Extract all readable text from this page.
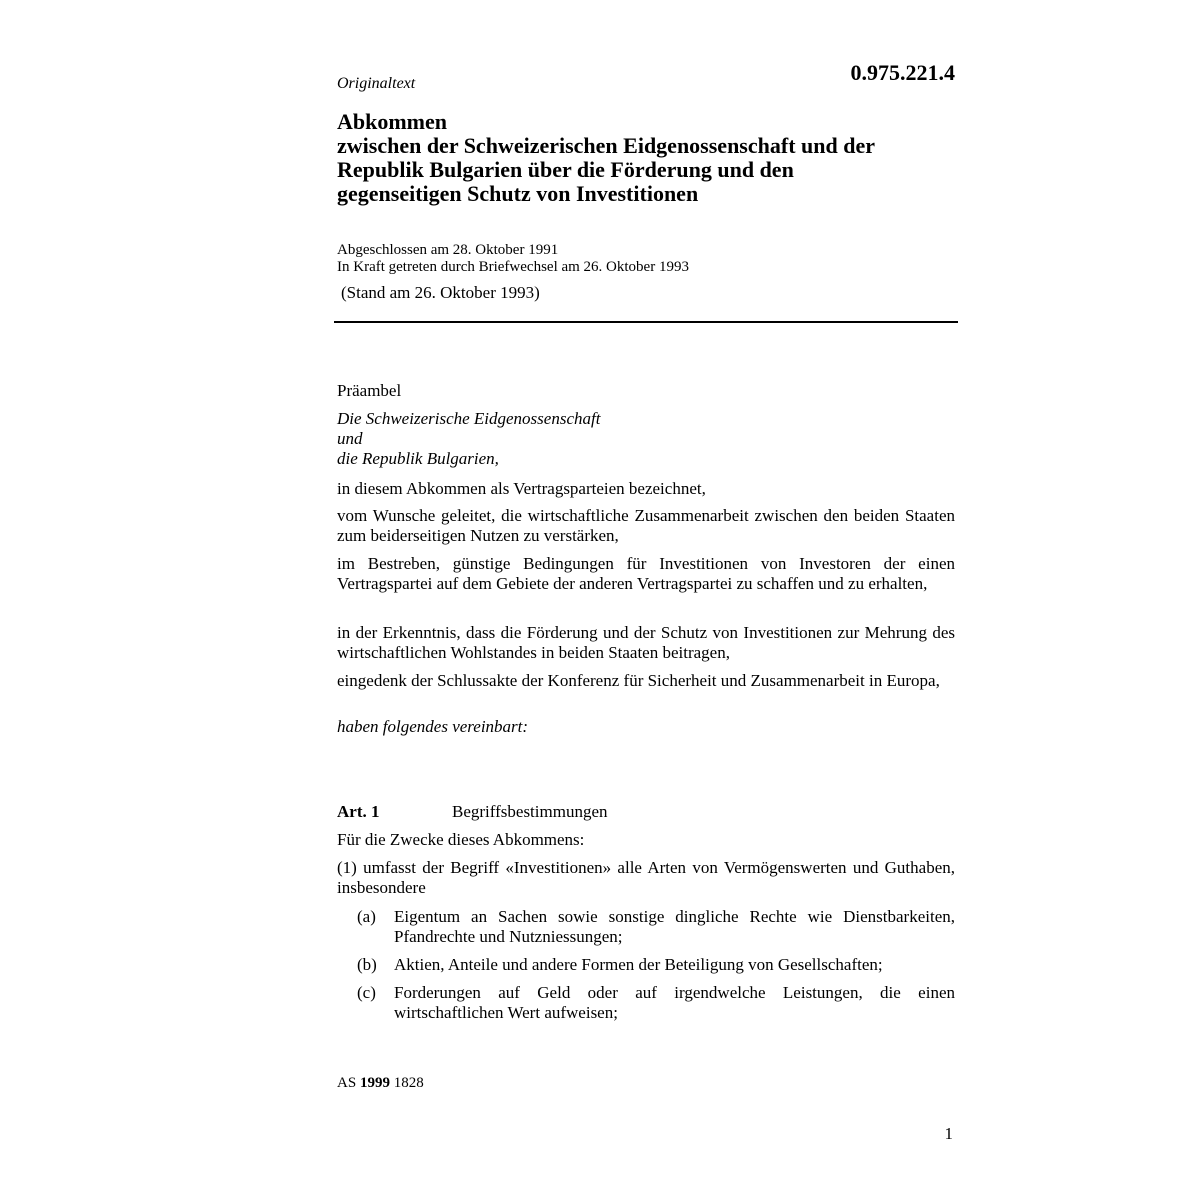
0.975.221.4
Originaltext
Abkommen
zwischen der Schweizerischen Eidgenossenschaft und der
Republik Bulgarien über die Förderung und den
gegenseitigen Schutz von Investitionen
Abgeschlossen am 28. Oktober 1991
In Kraft getreten durch Briefwechsel am 26. Oktober 1993
(Stand am 26. Oktober 1993)
Präambel
Die Schweizerische Eidgenossenschaft
und
die Republik Bulgarien,
in diesem Abkommen als Vertragsparteien bezeichnet,
vom Wunsche geleitet, die wirtschaftliche Zusammenarbeit zwischen den beiden Staaten zum beiderseitigen Nutzen zu verstärken,
im Bestreben, günstige Bedingungen für Investitionen von Investoren der einen Vertragspartei auf dem Gebiete der anderen Vertragspartei zu schaffen und zu erhalten,
in der Erkenntnis, dass die Förderung und der Schutz von Investitionen zur Mehrung des wirtschaftlichen Wohlstandes in beiden Staaten beitragen,
eingedenk der Schlussakte der Konferenz für Sicherheit und Zusammenarbeit in Europa,
haben folgendes vereinbart:
Art. 1	Begriffsbestimmungen
Für die Zwecke dieses Abkommens:
(1) umfasst der Begriff «Investitionen» alle Arten von Vermögenswerten und Guthaben, insbesondere
(a) Eigentum an Sachen sowie sonstige dingliche Rechte wie Dienstbarkeiten, Pfandrechte und Nutzniessungen;
(b) Aktien, Anteile und andere Formen der Beteiligung von Gesellschaften;
(c) Forderungen auf Geld oder auf irgendwelche Leistungen, die einen wirtschaftlichen Wert aufweisen;
AS 1999 1828
1
